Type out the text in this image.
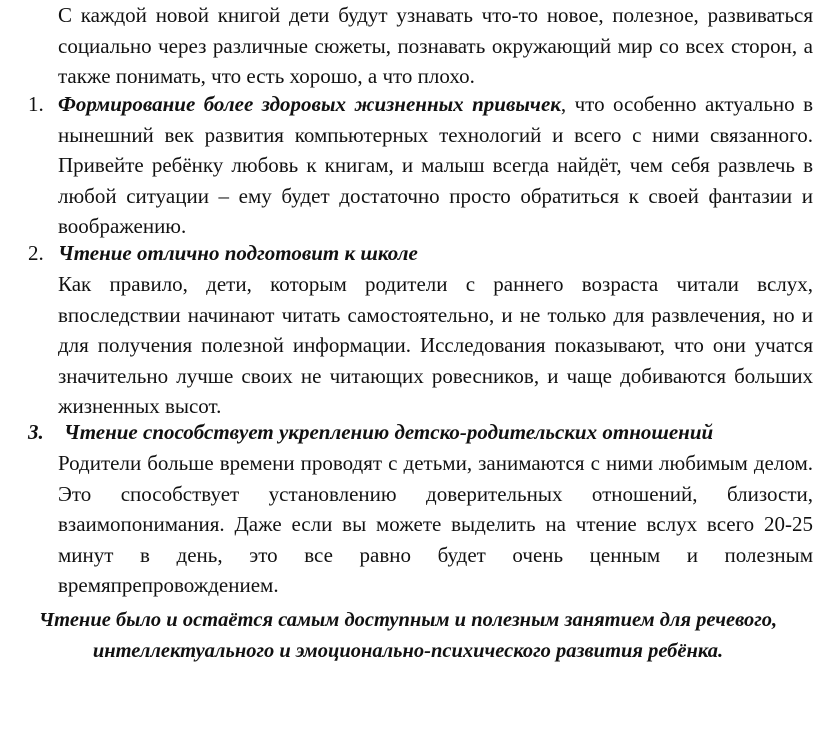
С каждой новой книгой дети будут узнавать что-то новое, полезное, развиваться социально через различные сюжеты, познавать окружающий мир со всех сторон, а также понимать, что есть хорошо, а что плохо.

1. Формирование более здоровых жизненных привычек, что особенно актуально в нынешний век развития компьютерных технологий и всего с ними связанного. Привейте ребёнку любовь к книгам, и малыш всегда найдёт, чем себя развлечь в любой ситуации – ему будет достаточно просто обратиться к своей фантазии и воображению.

2. Чтение отлично подготовит к школе

Как правило, дети, которым родители с раннего возраста читали вслух, впоследствии начинают читать самостоятельно, и не только для развлечения, но и для получения полезной информации. Исследования показывают, что они учатся значительно лучше своих не читающих ровесников, и чаще добиваются больших жизненных высот.

3. Чтение способствует укреплению детско-родительских отношений

Родители больше времени проводят с детьми, занимаются с ними любимым делом. Это способствует установлению доверительных отношений, близости, взаимопонимания. Даже если вы можете выделить на чтение вслух всего 20-25 минут в день, это все равно будет очень ценным и полезным времяпрепровождением.

Чтение было и остаётся самым доступным и полезным занятием для речевого,
интеллектуального и эмоционально-психического развития ребёнка.
